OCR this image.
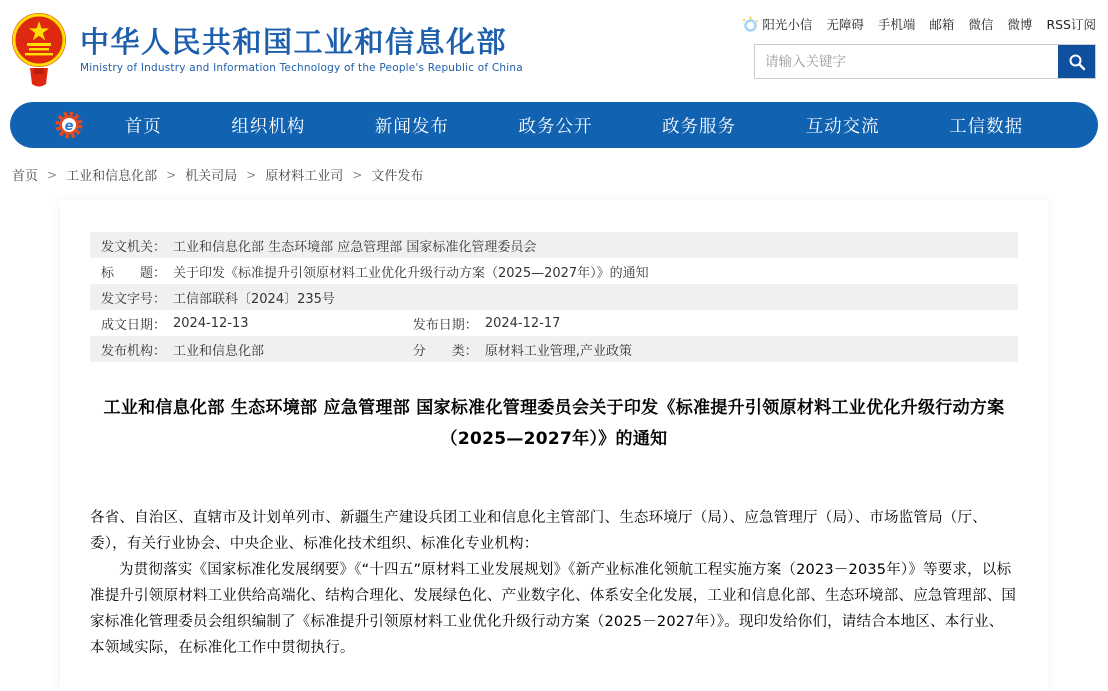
中华人民共和国工业和信息化部
Ministry of Industry and Information Technology of the People's Republic of China
阳光小信 无障碍 手机端 邮箱 微信 微博 RSS订阅
请输入关键字
e	首页	组织机构	新闻发布	政务公开	政务服务	互动交流	工信数据
首页 > 工业和信息化部 > 机关司局 > 原材料工业司 > 文件发布
发文机关： 工业和信息化部 生态环境部 应急管理部 国家标准化管理委员会
标　　题： 关于印发《标准提升引领原材料工业优化升级行动方案（2025—2027年）》的通知
发文字号： 工信部联科〔2024〕235号
成文日期： 2024-12-13	发布日期： 2024-12-17
发布机构： 工业和信息化部	分　　类： 原材料工业管理,产业政策
工业和信息化部 生态环境部 应急管理部 国家标准化管理委员会关于印发《标准提升引领原材料工业优化升级行动方案（2025—2027年）》的通知

各省、自治区、直辖市及计划单列市、新疆生产建设兵团工业和信息化主管部门、生态环境厅（局）、应急管理厅（局）、市场监管局（厅、委），有关行业协会、中央企业、标准化技术组织、标准化专业机构：

为贯彻落实《国家标准化发展纲要》《“十四五”原材料工业发展规划》《新产业标准化领航工程实施方案（2023－2035年）》等要求，以标准提升引领原材料工业供给高端化、结构合理化、发展绿色化、产业数字化、体系安全化发展，工业和信息化部、生态环境部、应急管理部、国家标准化管理委员会组织编制了《标准提升引领原材料工业优化升级行动方案（2025－2027年）》。现印发给你们，请结合本地区、本行业、本领域实际，在标准化工作中贯彻执行。
